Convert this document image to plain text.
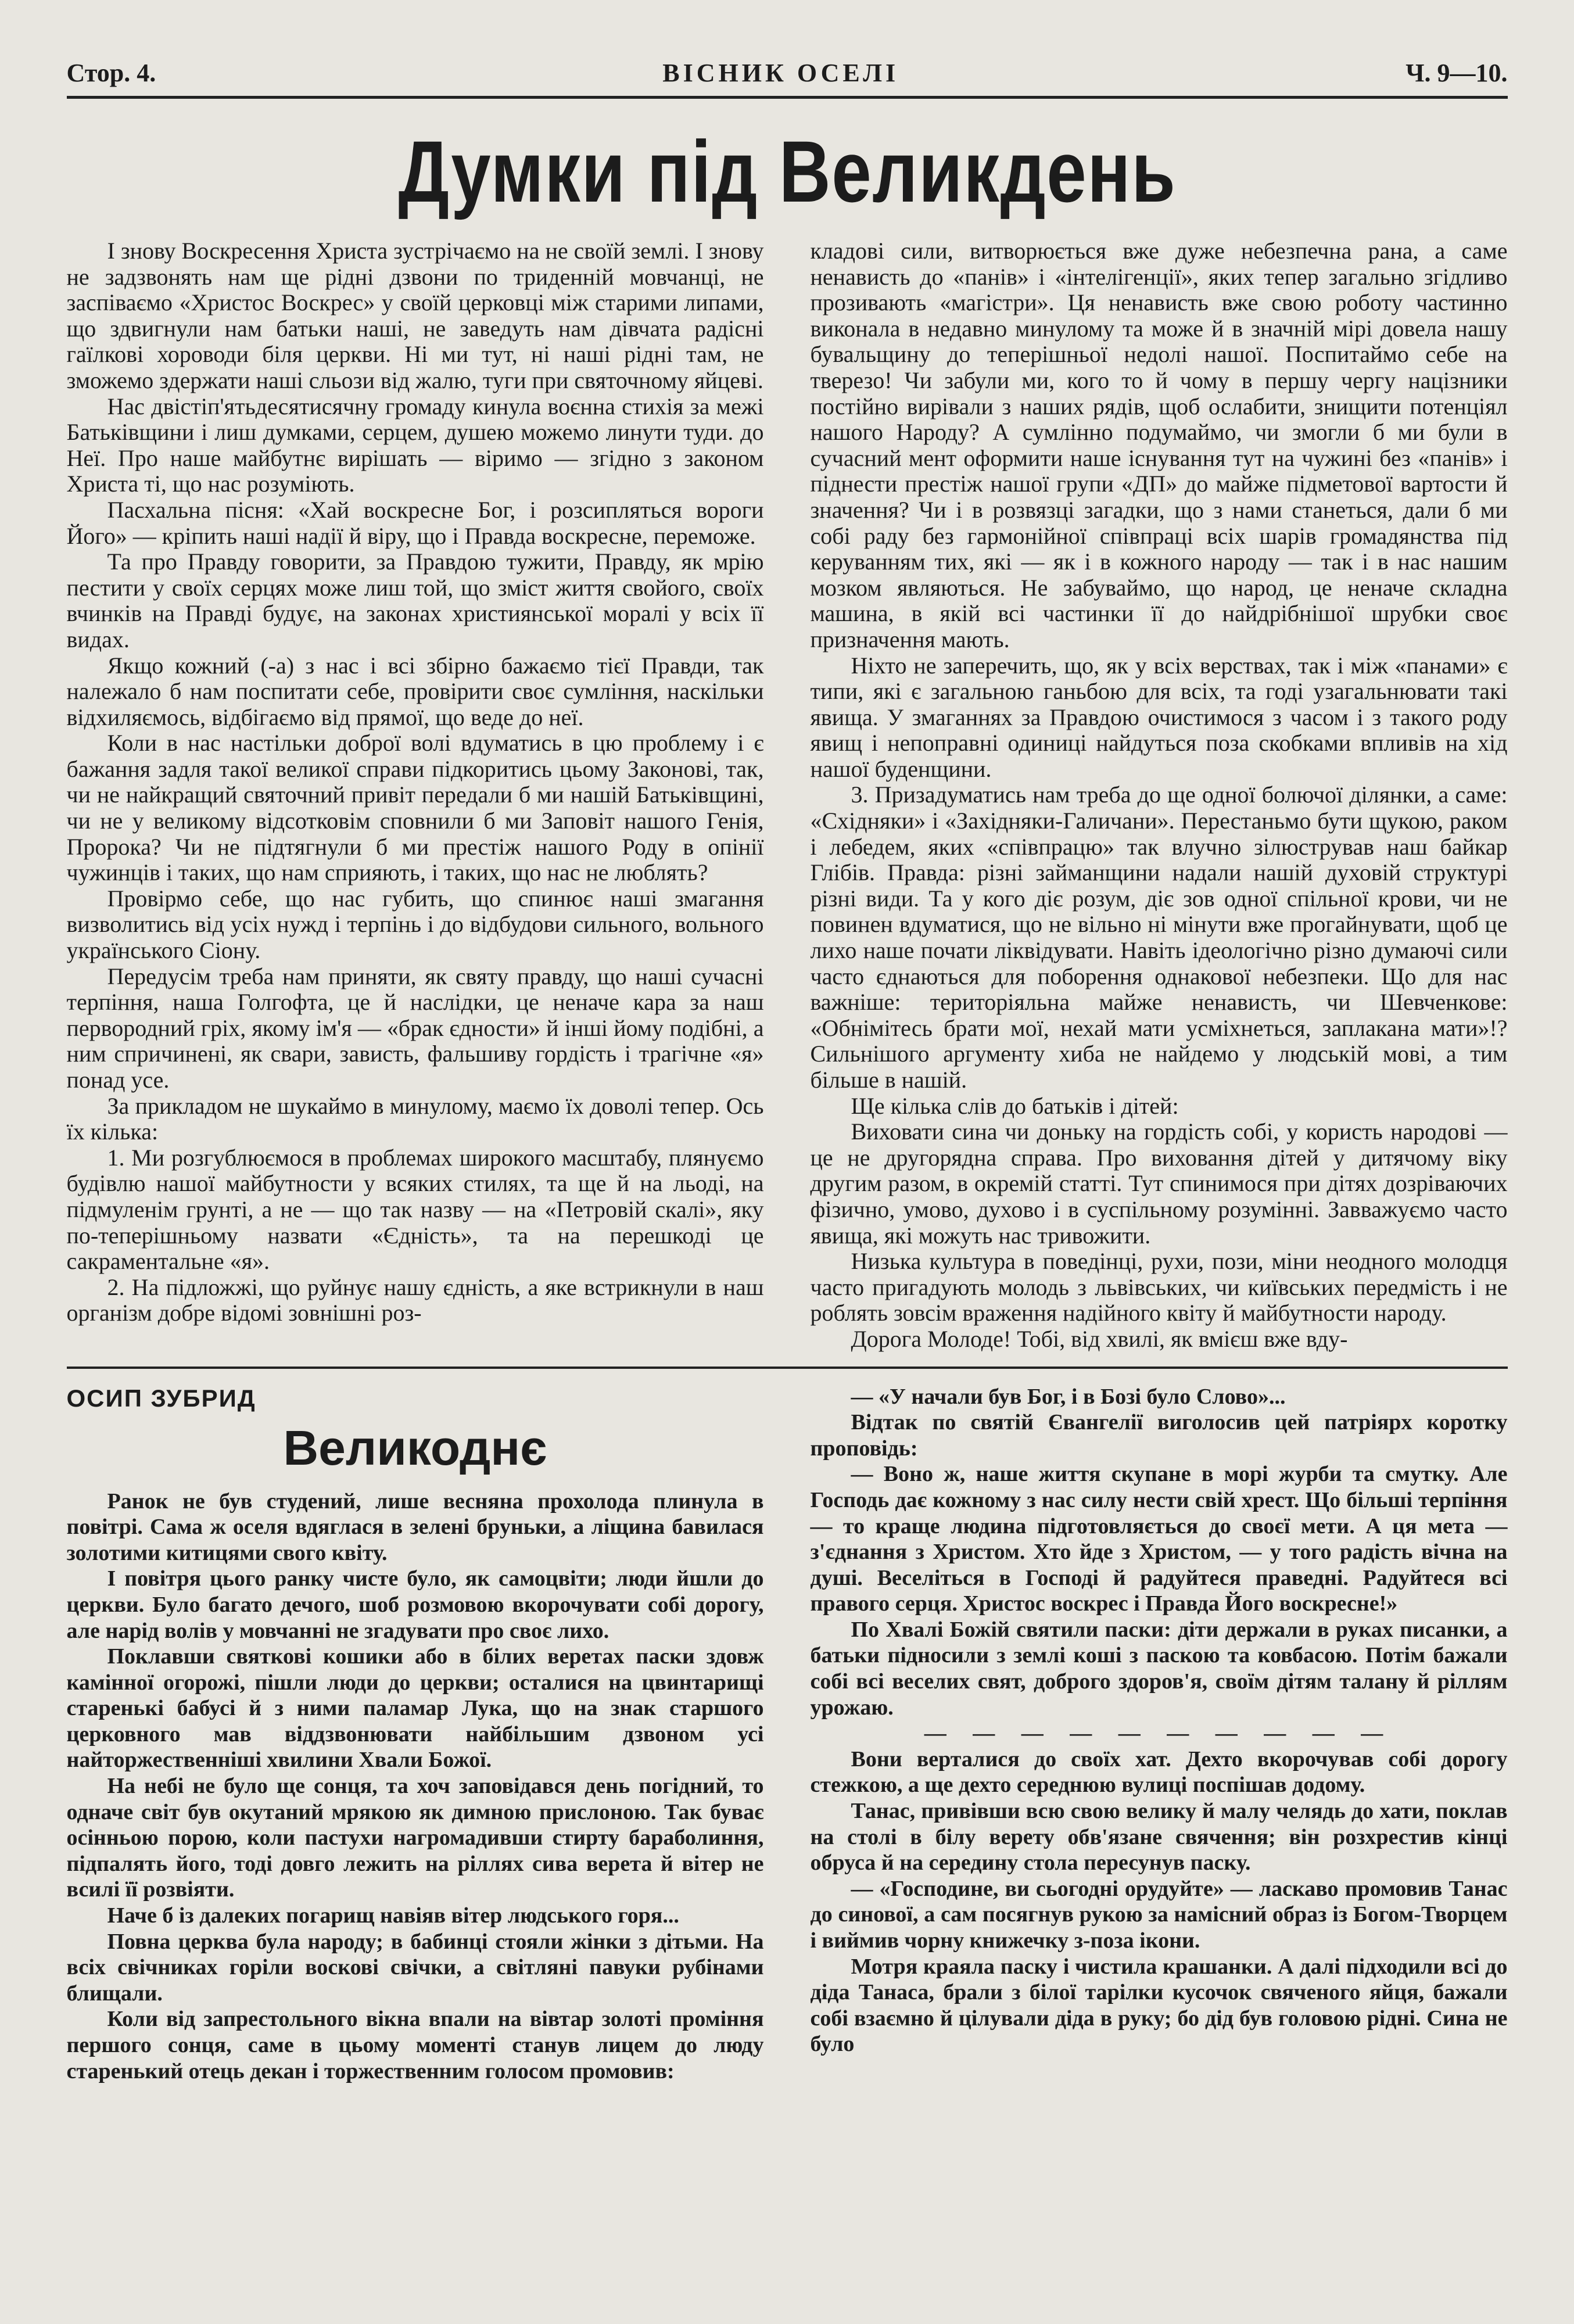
Стор. 4.	ВІСНИК ОСЕЛІ	Ч. 9—10.
Думки під Великдень

І знову Воскресення Христа зустрічаємо на не своїй землі. І знову не задзвонять нам ще рідні дзвони по триденній мовчанці, не заспіваємо «Христос Воскрес» у своїй церковці між старими липами, що здвигнули нам батьки наші, не заведуть нам дівчата радісні гаїлкові хороводи біля церкви. Ні ми тут, ні наші рідні там, не зможемо здержати наші сльози від жалю, туги при святочному яйцеві.

Нас двістіп'ятьдесятисячну громаду кинула воєнна стихія за межі Батьківщини і лиш думками, серцем, душею можемо линути туди. до Неї. Про наше майбутнє вирішать — віримо — згідно з законом Христа ті, що нас розуміють.

Пасхальна пісня: «Хай воскресне Бог, і розсипляться вороги Його» — кріпить наші надії й віру, що і Правда воскресне, переможе.

Та про Правду говорити, за Правдою тужити, Правду, як мрію пестити у своїх серцях може лиш той, що зміст життя свойого, своїх вчинків на Правді будує, на законах християнської моралі у всіх її видах.

Якщо кожний (-а) з нас і всі збірно бажаємо тієї Правди, так належало б нам поспитати себе, провірити своє сумління, наскільки відхиляємось, відбігаємо від прямої, що веде до неї.

Коли в нас настільки доброї волі вдуматись в цю проблему і є бажання задля такої великої справи підкоритись цьому Законові, так, чи не найкращий святочний привіт передали б ми нашій Батьківщині, чи не у великому відсотковім сповнили б ми Заповіт нашого Генія, Пророка? Чи не підтягнули б ми престіж нашого Роду в опінії чужинців і таких, що нам сприяють, і таких, що нас не люблять?

Провірмо себе, що нас губить, що спинює наші змагання визволитись від усіх нужд і терпінь і до відбудови сильного, вольного українського Сіону.

Передусім треба нам приняти, як святу правду, що наші сучасні терпіння, наша Голгофта, це й наслідки, це неначе кара за наш первородний гріх, якому ім'я — «брак єдности» й інші йому подібні, а ним спричинені, як свари, зависть, фальшиву гордість і трагічне «я» понад усе.

За прикладом не шукаймо в минулому, маємо їх доволі тепер. Ось їх кілька:

1. Ми розгублюємося в проблемах широкого масштабу, плянуємо будівлю нашої майбутности у всяких стилях, та ще й на льоді, на підмуленім грунті, а не — що так назву — на «Петровій скалі», яку по-теперішньому назвати «Єдність», та на перешкоді це сакраментальне «я».

2. На підложжі, що руйнує нашу єдність, а яке встрикнули в наш організм добре відомі зовнішні роз-

кладові сили, витворюється вже дуже небезпечна рана, а саме ненависть до «панів» і «інтелігенції», яких тепер загально згідливо прозивають «магістри». Ця ненависть вже свою роботу частинно виконала в недавно минулому та може й в значній мірі довела нашу бувальщину до теперішньої недолі нашої. Поспитаймо себе на тверезо! Чи забули ми, кого то й чому в першу чергу націзники постійно вирівали з наших рядів, щоб ослабити, знищити потенціял нашого Народу? А сумлінно подумаймо, чи змогли б ми були в сучасний мент оформити наше існування тут на чужині без «панів» і піднести престіж нашої групи «ДП» до майже підметової вартости й значення? Чи і в розвязці загадки, що з нами станеться, дали б ми собі раду без гармонійної співпраці всіх шарів громадянства під керуванням тих, які — як і в кожного народу — так і в нас нашим мозком являються. Не забуваймо, що народ, це неначе складна машина, в якій всі частинки її до найдрібнішої шрубки своє призначення мають.

Ніхто не заперечить, що, як у всіх верствах, так і між «панами» є типи, які є загальною ганьбою для всіх, та годі узагальнювати такі явища. У змаганнях за Правдою очистимося з часом і з такого роду явищ і непоправні одиниці найдуться поза скобками впливів на хід нашої буденщини.

3. Призадуматись нам треба до ще одної болючої ділянки, а саме: «Східняки» і «Західняки-Галичани». Перестаньмо бути щукою, раком і лебедем, яких «співпрацю» так влучно зілюстрував наш байкар Глібів. Правда: різні займанщини надали нашій духовій структурі різні види. Та у кого діє розум, діє зов одної спільної крови, чи не повинен вдуматися, що не вільно ні мінути вже прогайнувати, щоб це лихо наше почати ліквідувати. Навіть ідеологічно різно думаючі сили часто єднаються для поборення однакової небезпеки. Що для нас важніше: територіяльна майже ненависть, чи Шевченкове: «Обнімітесь брати мої, нехай мати усміхнеться, заплакана мати»!? Сильнішого аргументу хиба не найдемо у людській мові, а тим більше в нашій.

Ще кілька слів до батьків і дітей:

Виховати сина чи доньку на гордість собі, у користь народові — це не другорядна справа. Про виховання дітей у дитячому віку другим разом, в окремій статті. Тут спинимося при дітях дозріваючих фізично, умово, духово і в суспільному розумінні. Завважуємо часто явища, які можуть нас тривожити.

Низька культура в поведінці, рухи, пози, міни неодного молодця часто пригадують молодь з львівських, чи київських передмість і не роблять зовсім враження надійного квіту й майбутности народу.

Дорога Молоде! Тобі, від хвилі, як вмієш вже вду-

ОСИП ЗУБРИД
Великоднє

Ранок не був студений, лише весняна прохолода плинула в повітрі. Сама ж оселя вдяглася в зелені бруньки, а ліщина бавилася золотими китицями свого квіту.

І повітря цього ранку чисте було, як самоцвіти; люди йшли до церкви. Було багато дечого, шоб розмовою вкорочувати собі дорогу, але нарід волів у мовчанні не згадувати про своє лихо.

Поклавши святкові кошики або в білих веретах паски здовж камінної огорожі, пішли люди до церкви; осталися на цвинтарищі старенькі бабусі й з ними паламар Лука, що на знак старшого церковного мав віддзвонювати найбільшим дзвоном усі найторжественніші хвилини Хвали Божої.

На небі не було ще сонця, та хоч заповідався день погідний, то одначе світ був окутаний мрякою як димною прислоною. Так буває осінньою порою, коли пастухи нагромадивши стирту бараболиння, підпалять його, тоді довго лежить на ріллях сива верета й вітер не всилі її розвіяти.

Наче б із далеких погарищ навіяв вітер людського горя...

Повна церква була народу; в бабинці стояли жінки з дітьми. На всіх свічниках горіли воскові свічки, а світляні павуки рубінами блищали.

Коли від запрестольного вікна впали на вівтар золоті проміння першого сонця, саме в цьому моменті станув лицем до люду старенький отець декан і торжественним голосом промовив:

— «У начали був Бог, і в Бозі було Слово»...

Відтак по святій Євангелії виголосив цей патріярх коротку проповідь:

— Воно ж, наше життя скупане в морі журби та смутку. Але Господь дає кожному з нас силу нести свій хрест. Що більші терпіння — то краще людина підготовляється до своєї мети. А ця мета — з'єднання з Христом. Хто йде з Христом, — у того радість вічна на душі. Веселіться в Господі й радуйтеся праведні. Радуйтеся всі правого серця. Христос воскрес і Правда Його воскресне!»

По Хвалі Божій святили паски: діти держали в руках писанки, а батьки підносили з землі коші з паскою та ковбасою. Потім бажали собі всі веселих свят, доброго здоров'я, своїм дітям талану й ріллям урожаю.

— — — — — — — — — —

Вони верталися до своїх хат. Дехто вкорочував собі дорогу стежкою, а ще дехто середнюю вулиці поспішав додому.

Танас, привівши всю свою велику й малу челядь до хати, поклав на столі в білу верету обв'язане свячення; він розхрестив кінці обруса й на середину стола пересунув паску.

— «Господине, ви сьогодні орудуйте» — ласкаво промовив Танас до синової, а сам посягнув рукою за намісний образ із Богом-Творцем і виймив чорну книжечку з-поза ікони.

Мотря краяла паску і чистила крашанки. А далі підходили всі до діда Танаса, брали з білої тарілки кусочок свяченого яйця, бажали собі взаємно й цілували діда в руку; бо дід був головою рідні. Сина не було
